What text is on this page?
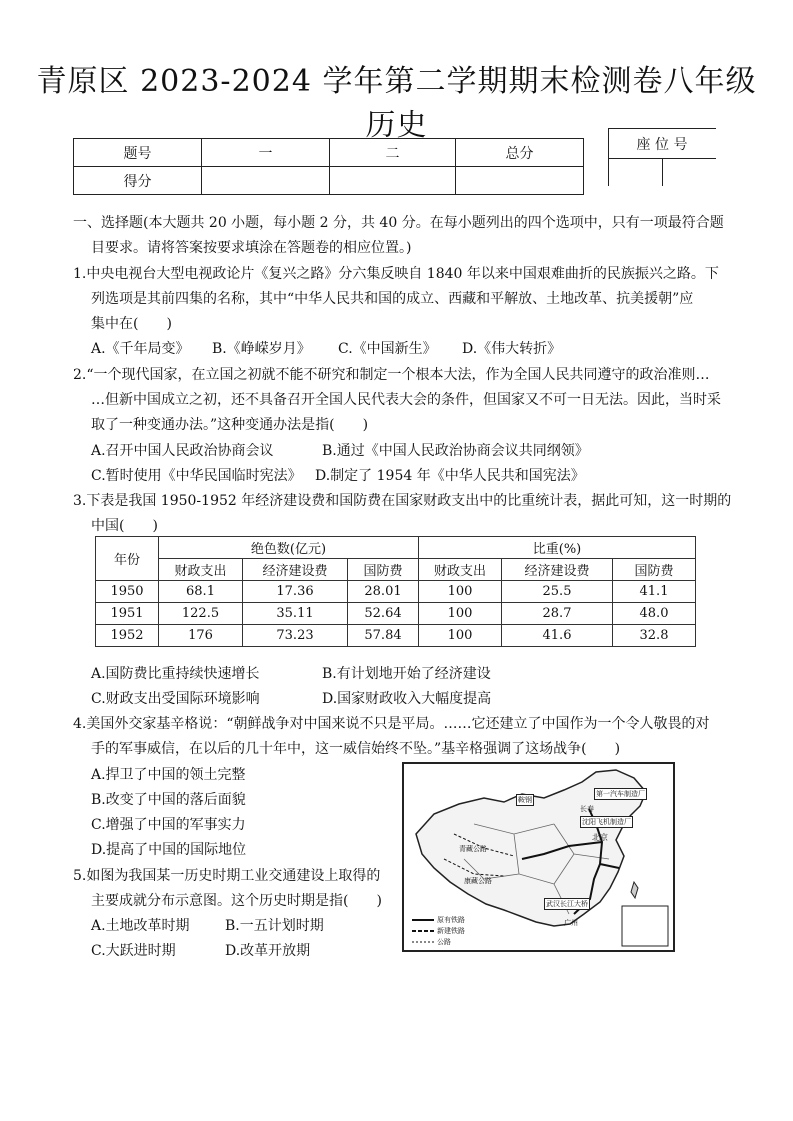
青原区 2023-2024 学年第二学期期末检测卷八年级
历史
题号	一	二	总分
得分			
座 位 号
一、选择题(本大题共 20 小题，每小题 2 分，共 40 分。在每小题列出的四个选项中，只有一项最符合题
目要求。请将答案按要求填涂在答题卷的相应位置。)
1.中央电视台大型电视政论片《复兴之路》分六集反映自 1840 年以来中国艰难曲折的民族振兴之路。下
列选项是其前四集的名称，其中“中华人民共和国的成立、西藏和平解放、土地改革、抗美援朝”应
集中在(　　)
A.《千年局变》 B.《峥嵘岁月》 C.《中国新生》 D.《伟大转折》
2.“一个现代国家，在立国之初就不能不研究和制定一个根本大法，作为全国人民共同遵守的政治准则…
…但新中国成立之初，还不具备召开全国人民代表大会的条件，但国家又不可一日无法。因此，当时采
取了一种变通办法。”这种变通办法是指(　　)
A.召开中国人民政治协商会议	B.通过《中国人民政治协商会议共同纲领》
C.暂时使用《中华民国临时宪法》 D.制定了 1954 年《中华人民共和国宪法》
3.下表是我国 1950-1952 年经济建设费和国防费在国家财政支出中的比重统计表，据此可知，这一时期的
中国(　　)
年份	绝色数(亿元)			比重(%)		
	财政支出	经济建设费	国防费	财政支出	经济建设费	国防费
1950	68.1	17.36	28.01	100	25.5	41.1
1951	122.5	35.11	52.64	100	28.7	48.0
1952	176	73.23	57.84	100	41.6	32.8
A.国防费比重持续快速增长	B.有计划地开始了经济建设
C.财政支出受国际环境影响	D.国家财政收入大幅度提高
4.美国外交家基辛格说：“朝鲜战争对中国来说不只是平局。……它还建立了中国作为一个令人敬畏的对
手的军事威信，在以后的几十年中，这一威信始终不坠。”基辛格强调了这场战争(　　)
A.捍卫了中国的领土完整
B.改变了中国的落后面貌
C.增强了中国的军事实力
D.提高了中国的国际地位
5.如图为我国某一历史时期工业交通建设上取得的
主要成就分布示意图。这个历史时期是指(　　)
A.土地改革时期	B.一五计划时期
C.大跃进时期	D.改革开放期
鞍钢
第一汽车制造厂
长春
沈阳飞机制造厂
北京
武汉长江大桥
广州
康藏公路
青藏公路
原有铁路
新建铁路
公路
